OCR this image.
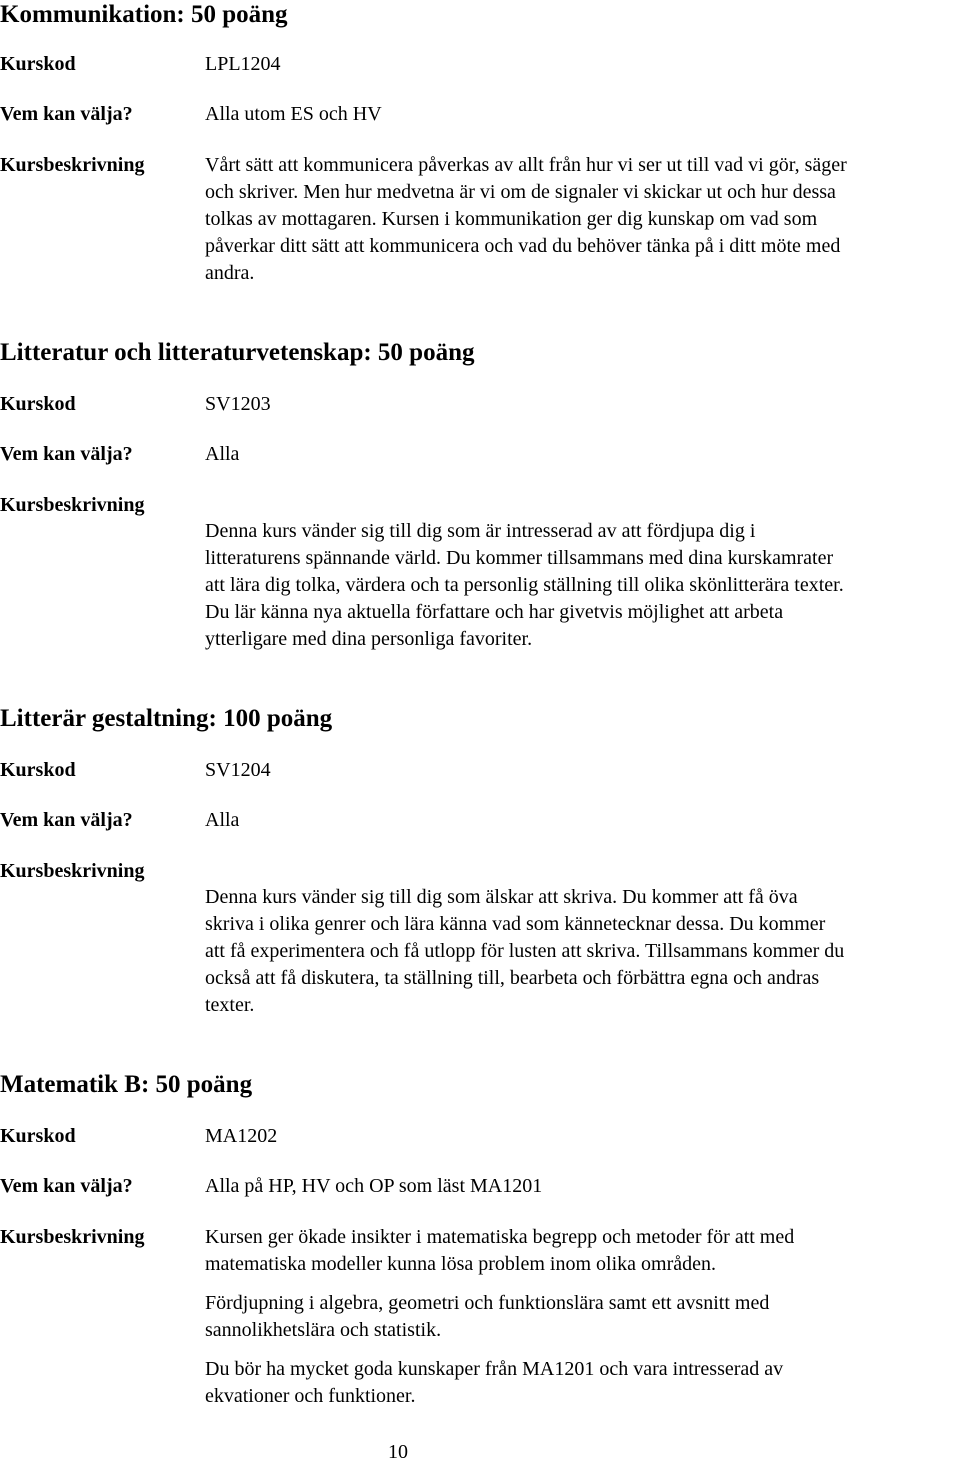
Kommunikation: 50 poäng
Kurskod	LPL1204
Vem kan välja?	Alla utom ES och HV
Kursbeskrivning	Vårt sätt att kommunicera påverkas av allt från hur vi ser ut till vad vi gör, säger

och skriver. Men hur medvetna är vi om de signaler vi skickar ut och hur dessa

tolkas av mottagaren. Kursen i kommunikation ger dig kunskap om vad som

påverkar ditt sätt att kommunicera och vad du behöver tänka på i ditt möte med

andra.

Litteratur och litteraturvetenskap: 50 poäng
Kurskod	SV1203
Vem kan välja?	Alla
Kursbeskrivning

Denna kurs vänder sig till dig som är intresserad av att fördjupa dig i

litteraturens spännande värld. Du kommer tillsammans med dina kurskamrater

att lära dig tolka, värdera och ta personlig ställning till olika skönlitterära texter.

Du lär känna nya aktuella författare och har givetvis möjlighet att arbeta

ytterligare med dina personliga favoriter.

Litterär gestaltning: 100 poäng
Kurskod	SV1204
Vem kan välja?	Alla
Kursbeskrivning

Denna kurs vänder sig till dig som älskar att skriva. Du kommer att få öva

skriva i olika genrer och lära känna vad som kännetecknar dessa. Du kommer

att få experimentera och få utlopp för lusten att skriva. Tillsammans kommer du

också att få diskutera, ta ställning till, bearbeta och förbättra egna och andras

texter.

Matematik B: 50 poäng
Kurskod	MA1202
Vem kan välja?	Alla på HP, HV och OP som läst MA1201
Kursbeskrivning	Kursen ger ökade insikter i matematiska begrepp och metoder för att med

matematiska modeller kunna lösa problem inom olika områden.

Fördjupning i algebra, geometri och funktionslära samt ett avsnitt med

sannolikhetslära och statistik.

Du bör ha mycket goda kunskaper från MA1201 och vara intresserad av

ekvationer och funktioner.

10
